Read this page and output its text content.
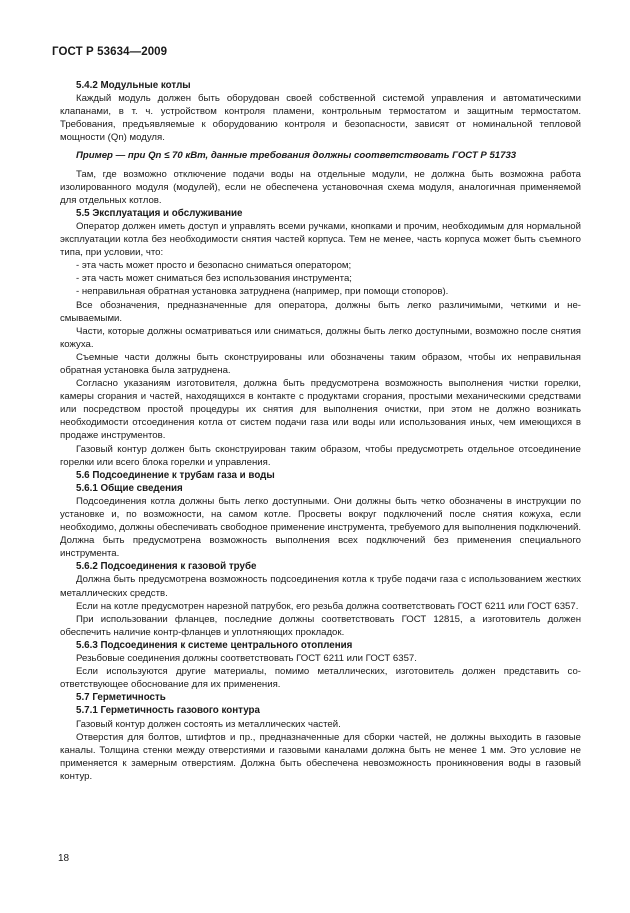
ГОСТ Р 53634—2009
5.4.2 Модульные котлы

Каждый модуль должен быть оборудован своей собственной системой управления и автоматическими клапанами, в т. ч. устройством контроля пламени, контрольным термостатом и защитным термостатом. Требования, предъявляемые к оборудованию контроля и безопасности, зависят от номинальной тепловой мощности (Qn) модуля.

Пример — при Qn ≤ 70 кВт, данные требования должны соответствовать ГОСТ Р 51733

Там, где возможно отключение подачи воды на отдельные модули, не должна быть возможна работа изолированного модуля (модулей), если не обеспечена установочная схема модуля, аналогичная применяемой для отдельных котлов.

5.5 Эксплуатация и обслуживание

Оператор должен иметь доступ и управлять всеми ручками, кнопками и прочим, необходимым для нормальной эксплуатации котла без необходимости снятия частей корпуса. Тем не менее, часть корпуса может быть съемного типа, при условии, что:

- эта часть может просто и безопасно сниматься оператором;

- эта часть может сниматься без использования инструмента;

- неправильная обратная установка затруднена (например, при помощи стопоров).

Все обозначения, предназначенные для оператора, должны быть легко различимыми, четкими и несмываемыми.

Части, которые должны осматриваться или сниматься, должны быть легко доступными, возможно после снятия кожуха.

Съемные части должны быть сконструированы или обозначены таким образом, чтобы их неправильная обратная установка была затруднена.

Согласно указаниям изготовителя, должна быть предусмотрена возможность выполнения чистки горелки, камеры сгорания и частей, находящихся в контакте с продуктами сгорания, простыми механическими средствами или посредством простой процедуры их снятия для выполнения очистки, при этом не должно возникать необходимости отсоединения котла от систем подачи газа или воды или использования иных, чем имеющихся в продаже инструментов.

Газовый контур должен быть сконструирован таким образом, чтобы предусмотреть отдельное отсоединение горелки или всего блока горелки и управления.

5.6 Подсоединение к трубам газа и воды
5.6.1 Общие сведения

Подсоединения котла должны быть легко доступными. Они должны быть четко обозначены в инструкции по установке и, по возможности, на самом котле. Просветы вокруг подключений после снятия кожуха, если необходимо, должны обеспечивать свободное применение инструмента, требуемого для выполнения подключений. Должна быть предусмотрена возможность выполнения всех подключений без применения специального инструмента.

5.6.2 Подсоединения к газовой трубе

Должна быть предусмотрена возможность подсоединения котла к трубе подачи газа с использованием жестких металлических средств.

Если на котле предусмотрен нарезной патрубок, его резьба должна соответствовать ГОСТ 6211 или ГОСТ 6357.

При использовании фланцев, последние должны соответствовать ГОСТ 12815, а изготовитель должен обеспечить наличие контр-фланцев и уплотняющих прокладок.

5.6.3 Подсоединения к системе центрального отопления

Резьбовые соединения должны соответствовать ГОСТ 6211 или ГОСТ 6357.

Если используются другие материалы, помимо металлических, изготовитель должен представить соответствующее обоснование для их применения.

5.7 Герметичность
5.7.1 Герметичность газового контура

Газовый контур должен состоять из металлических частей.

Отверстия для болтов, штифтов и пр., предназначенные для сборки частей, не должны выходить в газовые каналы. Толщина стенки между отверстиями и газовыми каналами должна быть не менее 1 мм. Это условие не применяется к замерным отверстиям. Должна быть обеспечена невозможность проникновения воды в газовый контур.

18
